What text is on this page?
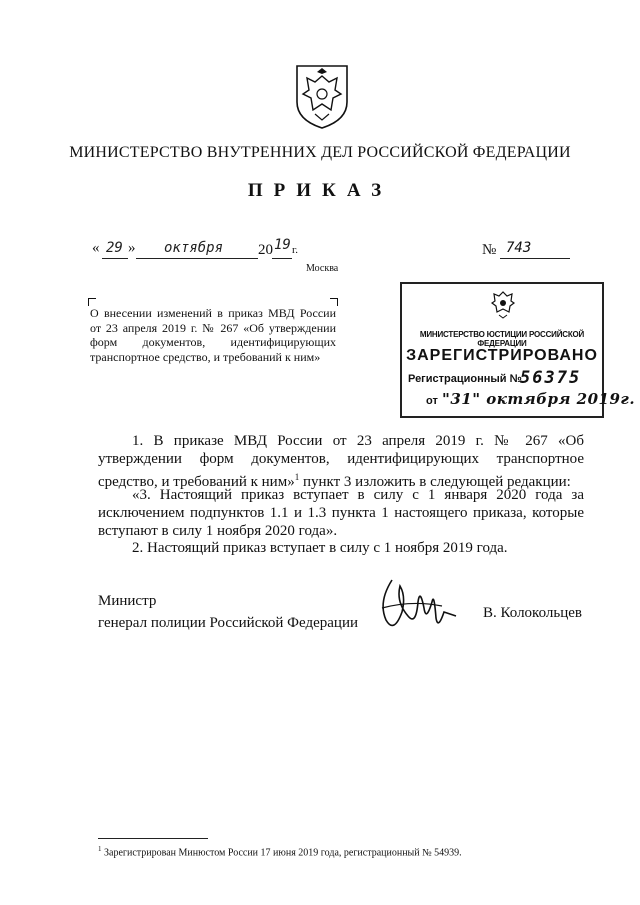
МИНИСТЕРСТВО ВНУТРЕННИХ ДЕЛ РОССИЙСКОЙ ФЕДЕРАЦИИ
ПРИКАЗ
« 29 » октября 20 19 г.	№ 743
Москва

О внесении изменений в приказ МВД России от 23 апреля 2019 г. № 267 «Об утверждении форм документов, идентифицирующих транспортное средство, и требований к ним»

МИНИСТЕРСТВО ЮСТИЦИИ РОССИЙСКОЙ ФЕДЕРАЦИИ
ЗАРЕГИСТРИРОВАНО
Регистрационный №
56375
от "31" октября 2019г.

1. В приказе МВД России от 23 апреля 2019 г. № 267 «Об утверждении форм документов, идентифицирующих транспортное средство, и требований к ним»$^1$ пункт 3 изложить в следующей редакции:

«3. Настоящий приказ вступает в силу с 1 января 2020 года за исключением подпунктов 1.1 и 1.3 пункта 1 настоящего приказа, которые вступают в силу 1 ноября 2020 года».

2. Настоящий приказ вступает в силу с 1 ноября 2019 года.

Министр
генерал полиции Российской Федерации
В. Колокольцев
$^1$ Зарегистрирован Минюстом России 17 июня 2019 года, регистрационный № 54939.
